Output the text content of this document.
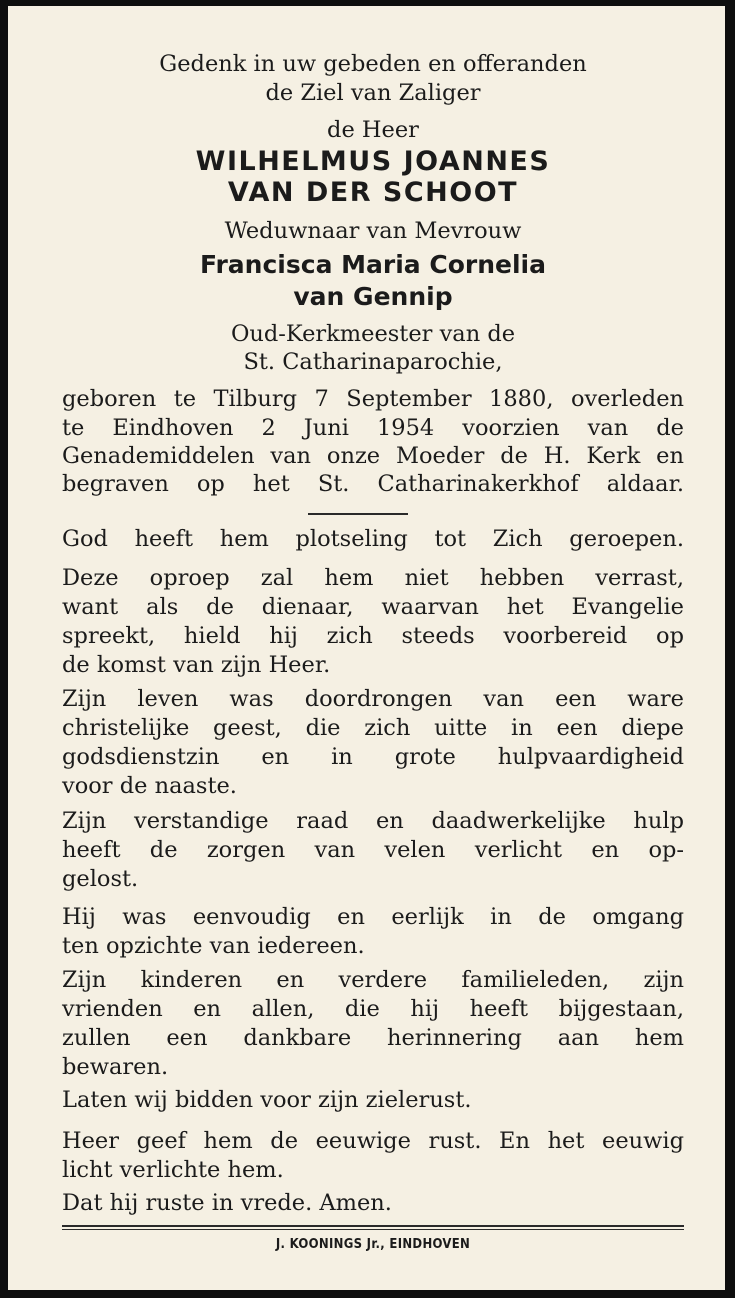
Gedenk in uw gebeden en offeranden

de Ziel van Zaliger

de Heer

WILHELMUS JOANNES

VAN DER SCHOOT

Weduwnaar van Mevrouw

Francisca Maria Cornelia

van Gennip

Oud-Kerkmeester van de

St. Catharinaparochie,

geboren te Tilburg 7 September 1880, overleden

te Eindhoven 2 Juni 1954 voorzien van de

Genademiddelen van onze Moeder de H. Kerk en

begraven op het St. Catharinakerkhof aldaar.

God heeft hem plotseling tot Zich geroepen.

Deze oproep zal hem niet hebben verrast,

want als de dienaar, waarvan het Evangelie

spreekt, hield hij zich steeds voorbereid op

de komst van zijn Heer.

Zijn leven was doordrongen van een ware

christelijke geest, die zich uitte in een diepe

godsdienstzin en in grote hulpvaardigheid

voor de naaste.

Zijn verstandige raad en daadwerkelijke hulp

heeft de zorgen van velen verlicht en op-

gelost.

Hij was eenvoudig en eerlijk in de omgang

ten opzichte van iedereen.

Zijn kinderen en verdere familieleden, zijn

vrienden en allen, die hij heeft bijgestaan,

zullen een dankbare herinnering aan hem

bewaren.

Laten wij bidden voor zijn zielerust.

Heer geef hem de eeuwige rust. En het eeuwig

licht verlichte hem.

Dat hij ruste in vrede. Amen.

J. KOONINGS Jr., EINDHOVEN
